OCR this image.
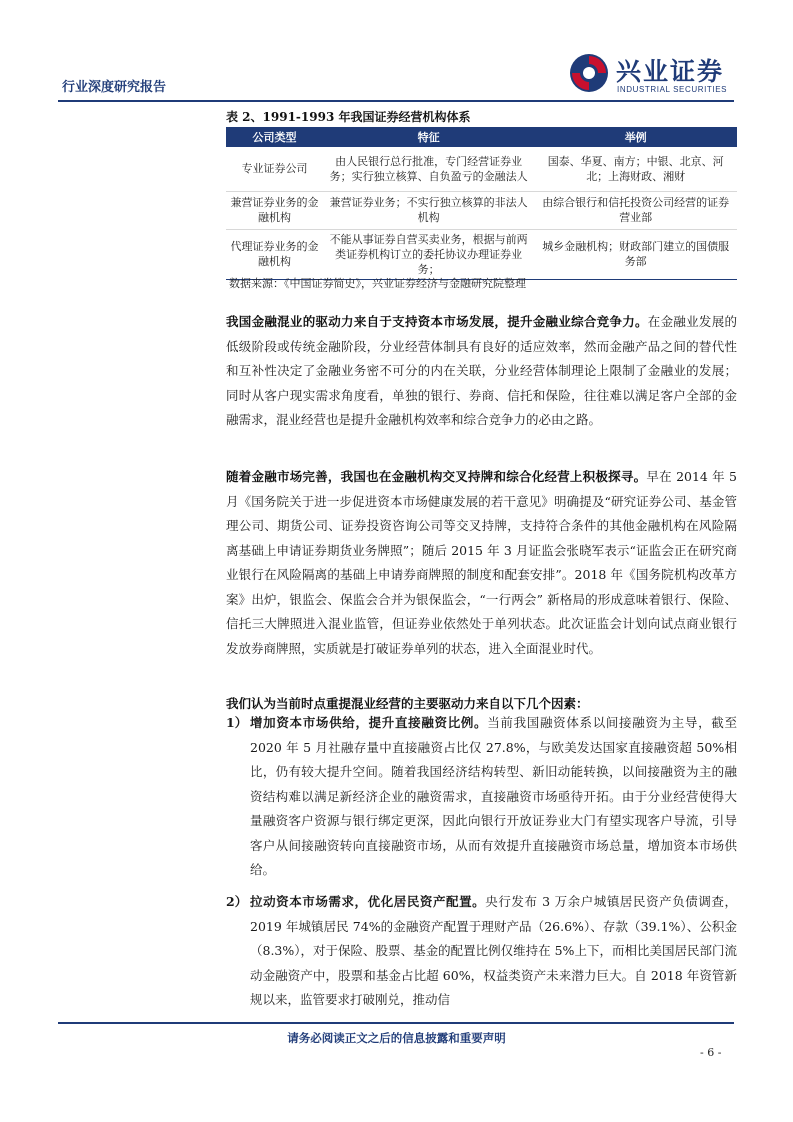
行业深度研究报告
兴业证券
INDUSTRIAL SECURITIES
表 2、1991-1993 年我国证券经营机构体系
公司类型	特征	举例
专业证券公司	由人民银行总行批准，专门经营证券业务；实行独立核算、自负盈亏的金融法人	国泰、华夏、南方；中银、北京、河北；上海财政、湘财
兼营证券业务的金融机构	兼营证券业务；不实行独立核算的非法人机构	由综合银行和信托投资公司经营的证券营业部
代理证券业务的金融机构	不能从事证券自营买卖业务，根据与前两类证券机构订立的委托协议办理证券业务；	城乡金融机构；财政部门建立的国债服务部
数据来源：《中国证券简史》，兴业证券经济与金融研究院整理
我国金融混业的驱动力来自于支持资本市场发展，提升金融业综合竞争力。在金融业发展的低级阶段或传统金融阶段，分业经营体制具有良好的适应效率，然而金融产品之间的替代性和互补性决定了金融业务密不可分的内在关联，分业经营体制理论上限制了金融业的发展；同时从客户现实需求角度看，单独的银行、券商、信托和保险，往往难以满足客户全部的金融需求，混业经营也是提升金融机构效率和综合竞争力的必由之路。
随着金融市场完善，我国也在金融机构交叉持牌和综合化经营上积极探寻。早在 2014 年 5 月《国务院关于进一步促进资本市场健康发展的若干意见》明确提及“研究证券公司、基金管理公司、期货公司、证券投资咨询公司等交叉持牌，支持符合条件的其他金融机构在风险隔离基础上申请证券期货业务牌照”；随后 2015 年 3 月证监会张晓军表示“证监会正在研究商业银行在风险隔离的基础上申请券商牌照的制度和配套安排”。2018 年《国务院机构改革方案》出炉，银监会、保监会合并为银保监会，“一行两会” 新格局的形成意味着银行、保险、信托三大牌照进入混业监管，但证券业依然处于单列状态。此次证监会计划向试点商业银行发放券商牌照，实质就是打破证券单列的状态，进入全面混业时代。
我们认为当前时点重提混业经营的主要驱动力来自以下几个因素：
1） 增加资本市场供给，提升直接融资比例。当前我国融资体系以间接融资为主导，截至 2020 年 5 月社融存量中直接融资占比仅 27.8%，与欧美发达国家直接融资超 50%相比，仍有较大提升空间。随着我国经济结构转型、新旧动能转换，以间接融资为主的融资结构难以满足新经济企业的融资需求，直接融资市场亟待开拓。由于分业经营使得大量融资客户资源与银行绑定更深，因此向银行开放证券业大门有望实现客户导流，引导客户从间接融资转向直接融资市场，从而有效提升直接融资市场总量，增加资本市场供给。
2） 拉动资本市场需求，优化居民资产配置。央行发布 3 万余户城镇居民资产负债调查，2019 年城镇居民 74%的金融资产配置于理财产品（26.6%）、存款（39.1%）、公积金（8.3%），对于保险、股票、基金的配置比例仅维持在 5%上下，而相比美国居民部门流动金融资产中，股票和基金占比超 60%，权益类资产未来潜力巨大。自 2018 年资管新规以来，监管要求打破刚兑，推动信
请务必阅读正文之后的信息披露和重要声明
- 6 -
